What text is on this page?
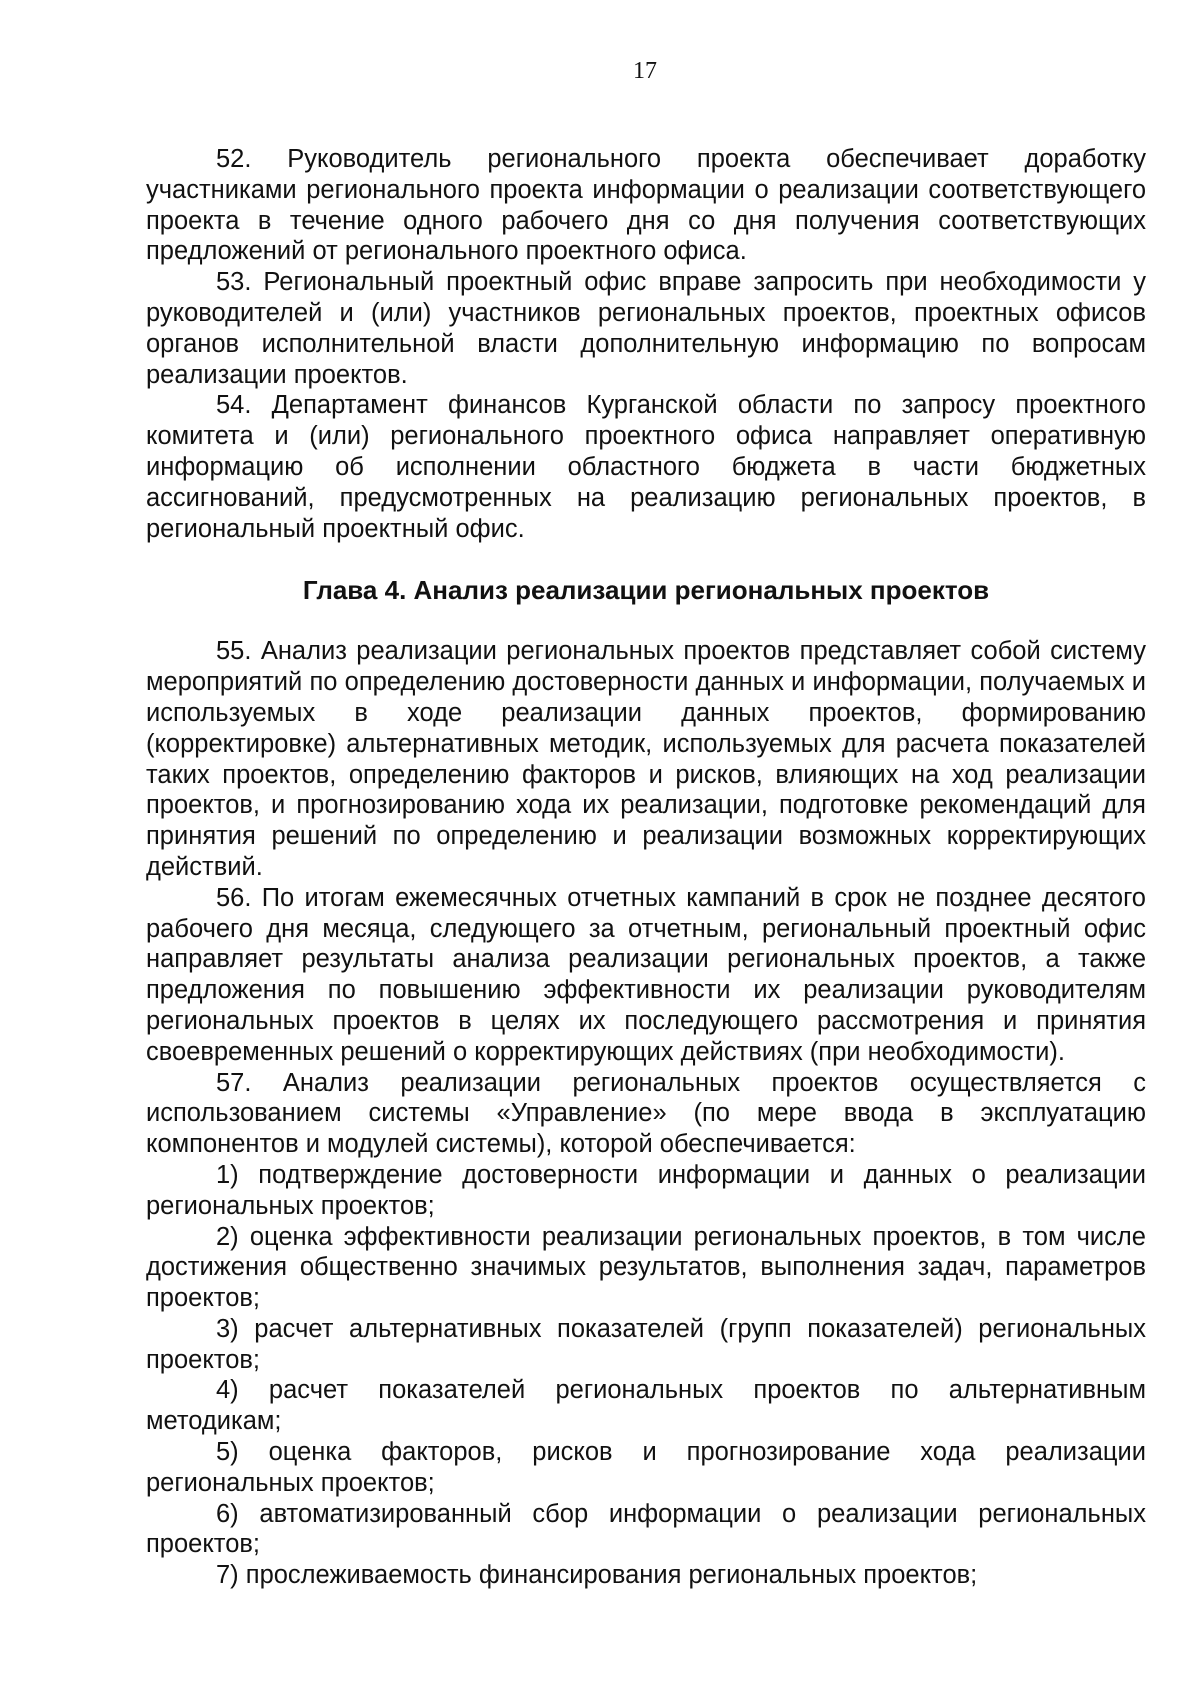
17

52. Руководитель регионального проекта обеспечивает доработку участниками регионального проекта информации о реализации соответствующего проекта в течение одного рабочего дня со дня получения соответствующих предложений от регионального проектного офиса.

53. Региональный проектный офис вправе запросить при необходимости у руководителей и (или) участников региональных проектов, проектных офисов органов исполнительной власти дополнительную информацию по вопросам реализации проектов.

54. Департамент финансов Курганской области по запросу проектного комитета и (или) регионального проектного офиса направляет оперативную информацию об исполнении областного бюджета в части бюджетных ассигнований, предусмотренных на реализацию региональных проектов, в региональный проектный офис.

Глава 4. Анализ реализации региональных проектов

55. Анализ реализации региональных проектов представляет собой систему мероприятий по определению достоверности данных и информации, получаемых и используемых в ходе реализации данных проектов, формированию (корректировке) альтернативных методик, используемых для расчета показателей таких проектов, определению факторов и рисков, влияющих на ход реализации проектов, и прогнозированию хода их реализации, подготовке рекомендаций для принятия решений по определению и реализации возможных корректирующих действий.

56. По итогам ежемесячных отчетных кампаний в срок не позднее десятого рабочего дня месяца, следующего за отчетным, региональный проектный офис направляет результаты анализа реализации региональных проектов, а также предложения по повышению эффективности их реализации руководителям региональных проектов в целях их последующего рассмотрения и принятия своевременных решений о корректирующих действиях (при необходимости).

57. Анализ реализации региональных проектов осуществляется с использованием системы «Управление» (по мере ввода в эксплуатацию компонентов и модулей системы), которой обеспечивается:

1) подтверждение достоверности информации и данных о реализации региональных проектов;

2) оценка эффективности реализации региональных проектов, в том числе достижения общественно значимых результатов, выполнения задач, параметров проектов;

3) расчет альтернативных показателей (групп показателей) региональных проектов;

4) расчет показателей региональных проектов по альтернативным методикам;

5) оценка факторов, рисков и прогнозирование хода реализации региональных проектов;

6) автоматизированный сбор информации о реализации региональных проектов;

7) прослеживаемость финансирования региональных проектов;
